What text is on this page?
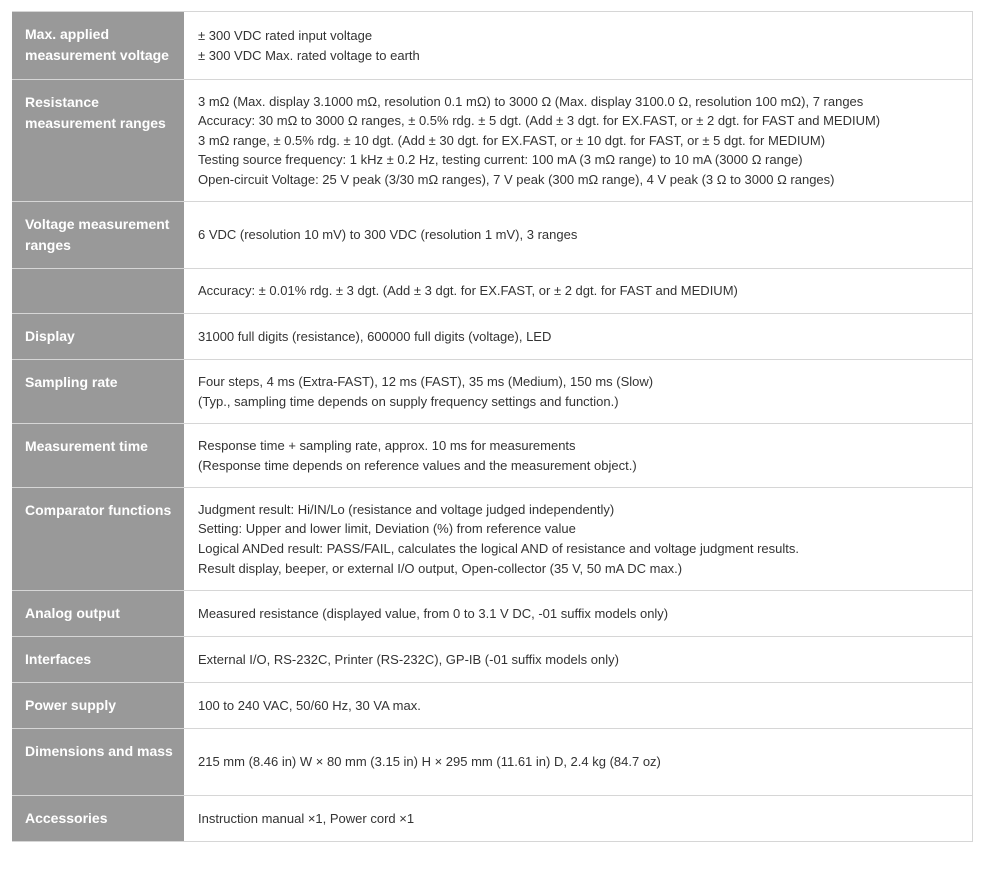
Max. applied measurement voltage	± 300 VDC rated input voltage
± 300 VDC Max. rated voltage to earth

Resistance measurement ranges	3 mΩ (Max. display 3.1000 mΩ, resolution 0.1 mΩ) to 3000 Ω (Max. display 3100.0 Ω, resolution 100 mΩ), 7 ranges
Accuracy: 30 mΩ to 3000 Ω ranges, ± 0.5% rdg. ± 5 dgt. (Add ± 3 dgt. for EX.FAST, or ± 2 dgt. for FAST and MEDIUM)
3 mΩ range, ± 0.5% rdg. ± 10 dgt. (Add ± 30 dgt. for EX.FAST, or ± 10 dgt. for FAST, or ± 5 dgt. for MEDIUM)
Testing source frequency: 1 kHz ± 0.2 Hz, testing current: 100 mA (3 mΩ range) to 10 mA (3000 Ω range)
Open-circuit Voltage: 25 V peak (3/30 mΩ ranges), 7 V peak (300 mΩ range), 4 V peak (3 Ω to 3000 Ω ranges)

Voltage measurement ranges	6 VDC (resolution 10 mV) to 300 VDC (resolution 1 mV), 3 ranges

	Accuracy: ± 0.01% rdg. ± 3 dgt. (Add ± 3 dgt. for EX.FAST, or ± 2 dgt. for FAST and MEDIUM)

Display	31000 full digits (resistance), 600000 full digits (voltage), LED

Sampling rate	Four steps, 4 ms (Extra-FAST), 12 ms (FAST), 35 ms (Medium), 150 ms (Slow)
(Typ., sampling time depends on supply frequency settings and function.)

Measurement time	Response time + sampling rate, approx. 10 ms for measurements
(Response time depends on reference values and the measurement object.)

Comparator functions	Judgment result: Hi/IN/Lo (resistance and voltage judged independently)
Setting: Upper and lower limit, Deviation (%) from reference value
Logical ANDed result: PASS/FAIL, calculates the logical AND of resistance and voltage judgment results.
Result display, beeper, or external I/O output, Open-collector (35 V, 50 mA DC max.)

Analog output	Measured resistance (displayed value, from 0 to 3.1 V DC, -01 suffix models only)

Interfaces	External I/O, RS-232C, Printer (RS-232C), GP-IB (-01 suffix models only)

Power supply	100 to 240 VAC, 50/60 Hz, 30 VA max.

Dimensions and mass	215 mm (8.46 in) W × 80 mm (3.15 in) H × 295 mm (11.61 in) D, 2.4 kg (84.7 oz)

Accessories	Instruction manual ×1, Power cord ×1
